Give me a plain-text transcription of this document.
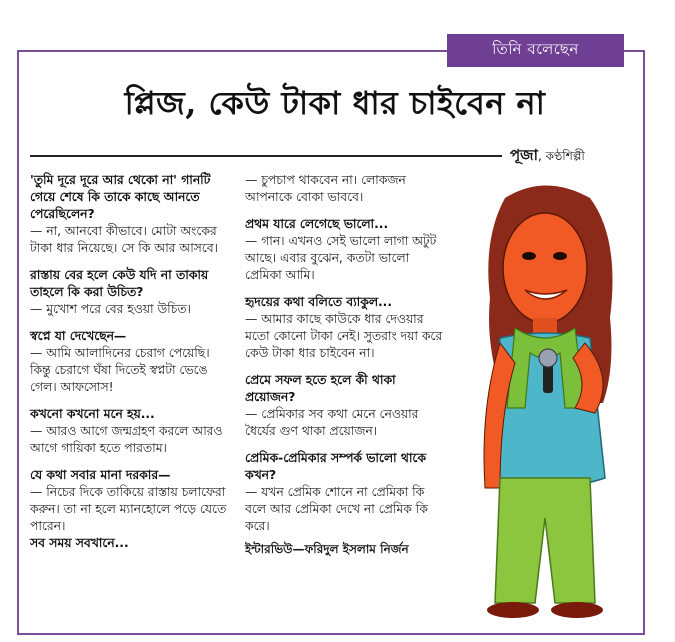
তিনি বলেছেন
প্লিজ, কেউ টাকা ধার চাইবেন না
পূজা, কণ্ঠশিল্পী
'তুমি দূরে দূরে আর থেকো না' গানটি গেয়ে শেষে কি তাকে কাছে আনতে পেরেছিলেন?
— না, আনবো কীভাবে। মোটা অংকের টাকা ধার নিয়েছে। সে কি আর আসবে।
রাস্তায় বের হলে কেউ যদি না তাকায় তাহলে কি করা উচিত?
— মুখোশ পরে বের হওয়া উচিত।
স্বপ্নে যা দেখেছেন—
— আমি আলাদিনের চেরাগ পেয়েছি। কিন্তু চেরাগে ঘঁষা দিতেই স্বপ্নটা ভেঙে গেল। আফসোস!
কখনো কখনো মনে হয়...
— আরও আগে জন্মগ্রহণ করলে আরও আগে গায়িকা হতে পারতাম।
যে কথা সবার মানা দরকার—
— নিচের দিকে তাকিয়ে রাস্তায় চলাফেরা করুন। তা না হলে ম্যানহোলে পড়ে যেতে পারেন।
সব সময় সবখানে...
— চুপচাপ থাকবেন না। লোকজন আপনাকে বোকা ভাববে।
প্রথম যারে লেগেছে ভালো...
— গান। এখনও সেই ভালো লাগা অটুট আছে। এবার বুঝেন, কতটা ভালো প্রেমিকা আমি।
হৃদয়ের কথা বলিতে ব্যাকুল...
— আমার কাছে কাউকে ধার দেওয়ার মতো কোনো টাকা নেই। সুতরাং দয়া করে কেউ টাকা ধার চাইবেন না।
প্রেমে সফল হতে হলে কী থাকা প্রয়োজন?
— প্রেমিকার সব কথা মেনে নেওয়ার ধৈর্যের গুণ থাকা প্রয়োজন।
প্রেমিক-প্রেমিকার সম্পর্ক ভালো থাকে কখন?
— যখন প্রেমিক শোনে না প্রেমিকা কি বলে আর প্রেমিকা দেখে না প্রেমিক কি করে।
ইন্টারভিউ—ফরিদুল ইসলাম নির্জন
